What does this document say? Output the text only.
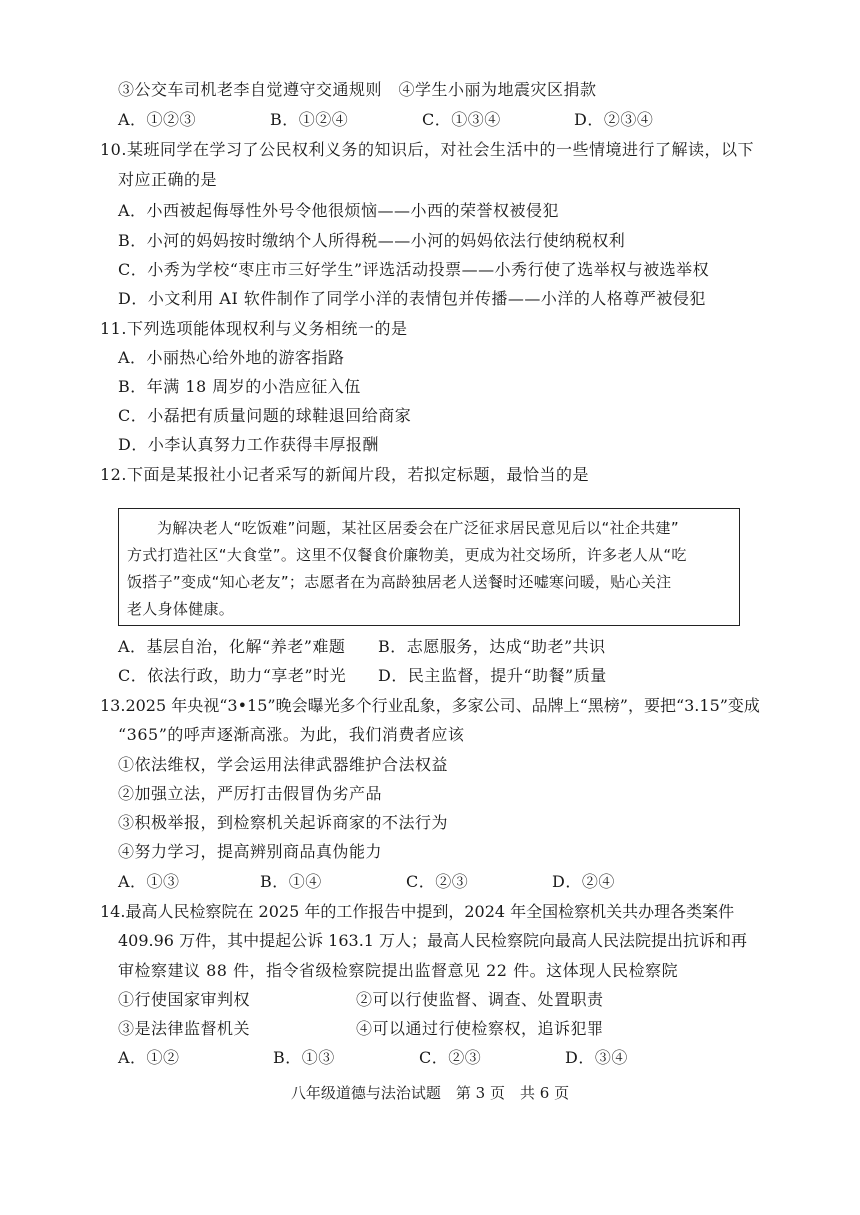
③公交车司机老李自觉遵守交通规则　④学生小丽为地震灾区捐款
A．①②③	B．①②④	C．①③④	D．②③④
10.某班同学在学习了公民权利义务的知识后，对社会生活中的一些情境进行了解读，以下
对应正确的是
A．小西被起侮辱性外号令他很烦恼——小西的荣誉权被侵犯
B．小河的妈妈按时缴纳个人所得税——小河的妈妈依法行使纳税权利
C．小秀为学校“枣庄市三好学生”评选活动投票——小秀行使了选举权与被选举权
D．小文利用 AI 软件制作了同学小洋的表情包并传播——小洋的人格尊严被侵犯
11.下列选项能体现权利与义务相统一的是
A．小丽热心给外地的游客指路
B．年满 18 周岁的小浩应征入伍
C．小磊把有质量问题的球鞋退回给商家
D．小李认真努力工作获得丰厚报酬
12.下面是某报社小记者采写的新闻片段，若拟定标题，最恰当的是
为解决老人“吃饭难”问题，某社区居委会在广泛征求居民意见后以“社企共建”
方式打造社区“大食堂”。这里不仅餐食价廉物美，更成为社交场所，许多老人从“吃
饭搭子”变成“知心老友”；志愿者在为高龄独居老人送餐时还嘘寒问暖，贴心关注
老人身体健康。
A．基层自治，化解“养老”难题	B．志愿服务，达成“助老”共识
C．依法行政，助力“享老”时光	D．民主监督，提升“助餐”质量
13.2025 年央视“3•15”晚会曝光多个行业乱象，多家公司、品牌上“黑榜”，要把“3.15”变成
“365”的呼声逐渐高涨。为此，我们消费者应该
①依法维权，学会运用法律武器维护合法权益
②加强立法，严厉打击假冒伪劣产品
③积极举报，到检察机关起诉商家的不法行为
④努力学习，提高辨别商品真伪能力
A．①③	B．①④	C．②③	D．②④
14.最高人民检察院在 2025 年的工作报告中提到，2024 年全国检察机关共办理各类案件
409.96 万件，其中提起公诉 163.1 万人；最高人民检察院向最高人民法院提出抗诉和再
审检察建议 88 件，指令省级检察院提出监督意见 22 件。这体现人民检察院
①行使国家审判权	②可以行使监督、调查、处置职责
③是法律监督机关	④可以通过行使检察权，追诉犯罪
A．①②	B．①③	C．②③	D．③④
八年级道德与法治试题　第 3 页　共 6 页
